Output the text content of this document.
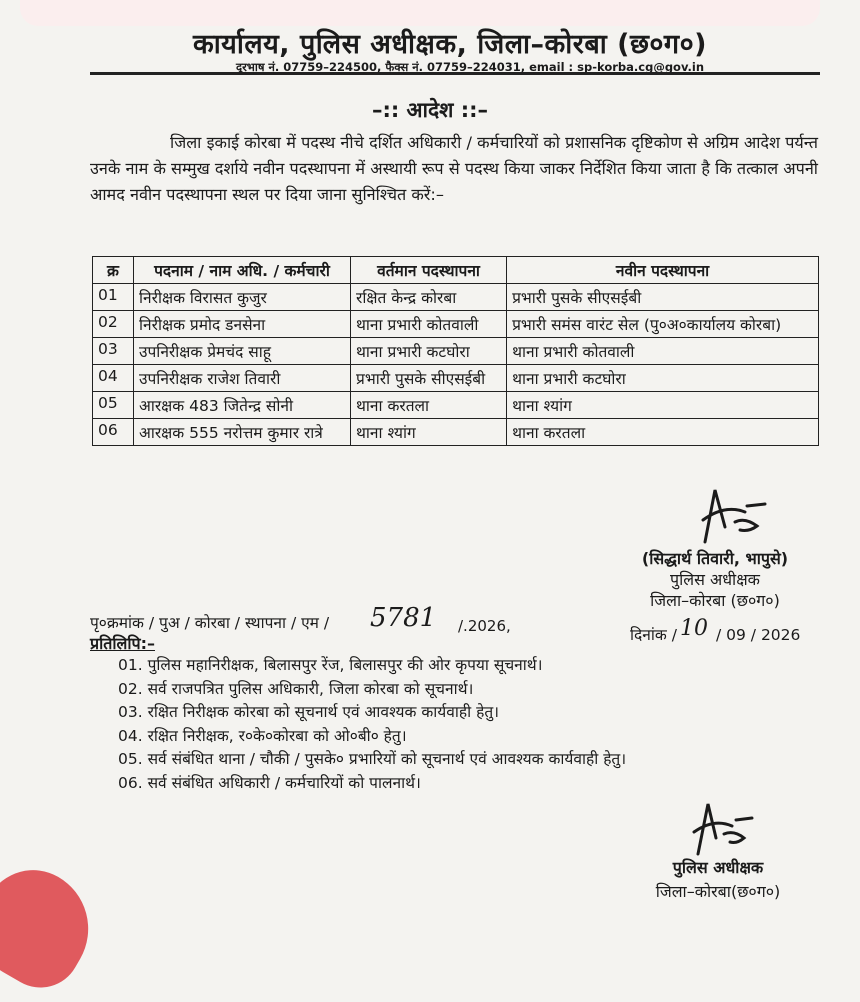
कार्यालय, पुलिस अधीक्षक, जिला–कोरबा (छ०ग०)
दूरभाष नं. 07759–224500, फैक्स नं. 07759–224031, email : sp-korba.cg@gov.in
–:: आदेश ::–
जिला इकाई कोरबा में पदस्थ नीचे दर्शित अधिकारी / कर्मचारियों को प्रशासनिक दृष्टिकोण से अग्रिम आदेश पर्यन्त उनके नाम के सम्मुख दर्शाये नवीन पदस्थापना में अस्थायी रूप से पदस्थ किया जाकर निर्देशित किया जाता है कि तत्काल अपनी आमद नवीन पदस्थापना स्थल पर दिया जाना सुनिश्चित करें:–
क्र	पदनाम / नाम अधि. / कर्मचारी	वर्तमान पदस्थापना	नवीन पदस्थापना
01	निरीक्षक विरासत कुजुर	रक्षित केन्द्र कोरबा	प्रभारी पुसके सीएसईबी
02	निरीक्षक प्रमोद डनसेना	थाना प्रभारी कोतवाली	प्रभारी समंस वारंट सेल (पु०अ०कार्यालय कोरबा)
03	उपनिरीक्षक प्रेमचंद साहू	थाना प्रभारी कटघोरा	थाना प्रभारी कोतवाली
04	उपनिरीक्षक राजेश तिवारी	प्रभारी पुसके सीएसईबी	थाना प्रभारी कटघोरा
05	आरक्षक 483 जितेन्द्र सोनी	थाना करतला	थाना श्यांग
06	आरक्षक 555 नरोत्तम कुमार रात्रे	थाना श्यांग	थाना करतला
(सिद्धार्थ तिवारी, भापुसे)
पुलिस अधीक्षक
जिला–कोरबा (छ०ग०)
पृ०क्रमांक / पुअ / कोरबा / स्थापना / एम / 5781 /.2026,	दिनांक / 10 / 09 / 2026
प्रतिलिपि:–
01. पुलिस महानिरीक्षक, बिलासपुर रेंज, बिलासपुर की ओर कृपया सूचनार्थ।
02. सर्व राजपत्रित पुलिस अधिकारी, जिला कोरबा को सूचनार्थ।
03. रक्षित निरीक्षक कोरबा को सूचनार्थ एवं आवश्यक कार्यवाही हेतु।
04. रक्षित निरीक्षक, र०के०कोरबा को ओ०बी० हेतु।
05. सर्व संबंधित थाना / चौकी / पुसके० प्रभारियों को सूचनार्थ एवं आवश्यक कार्यवाही हेतु।
06. सर्व संबंधित अधिकारी / कर्मचारियों को पालनार्थ।
पुलिस अधीक्षक
जिला–कोरबा(छ०ग०)
